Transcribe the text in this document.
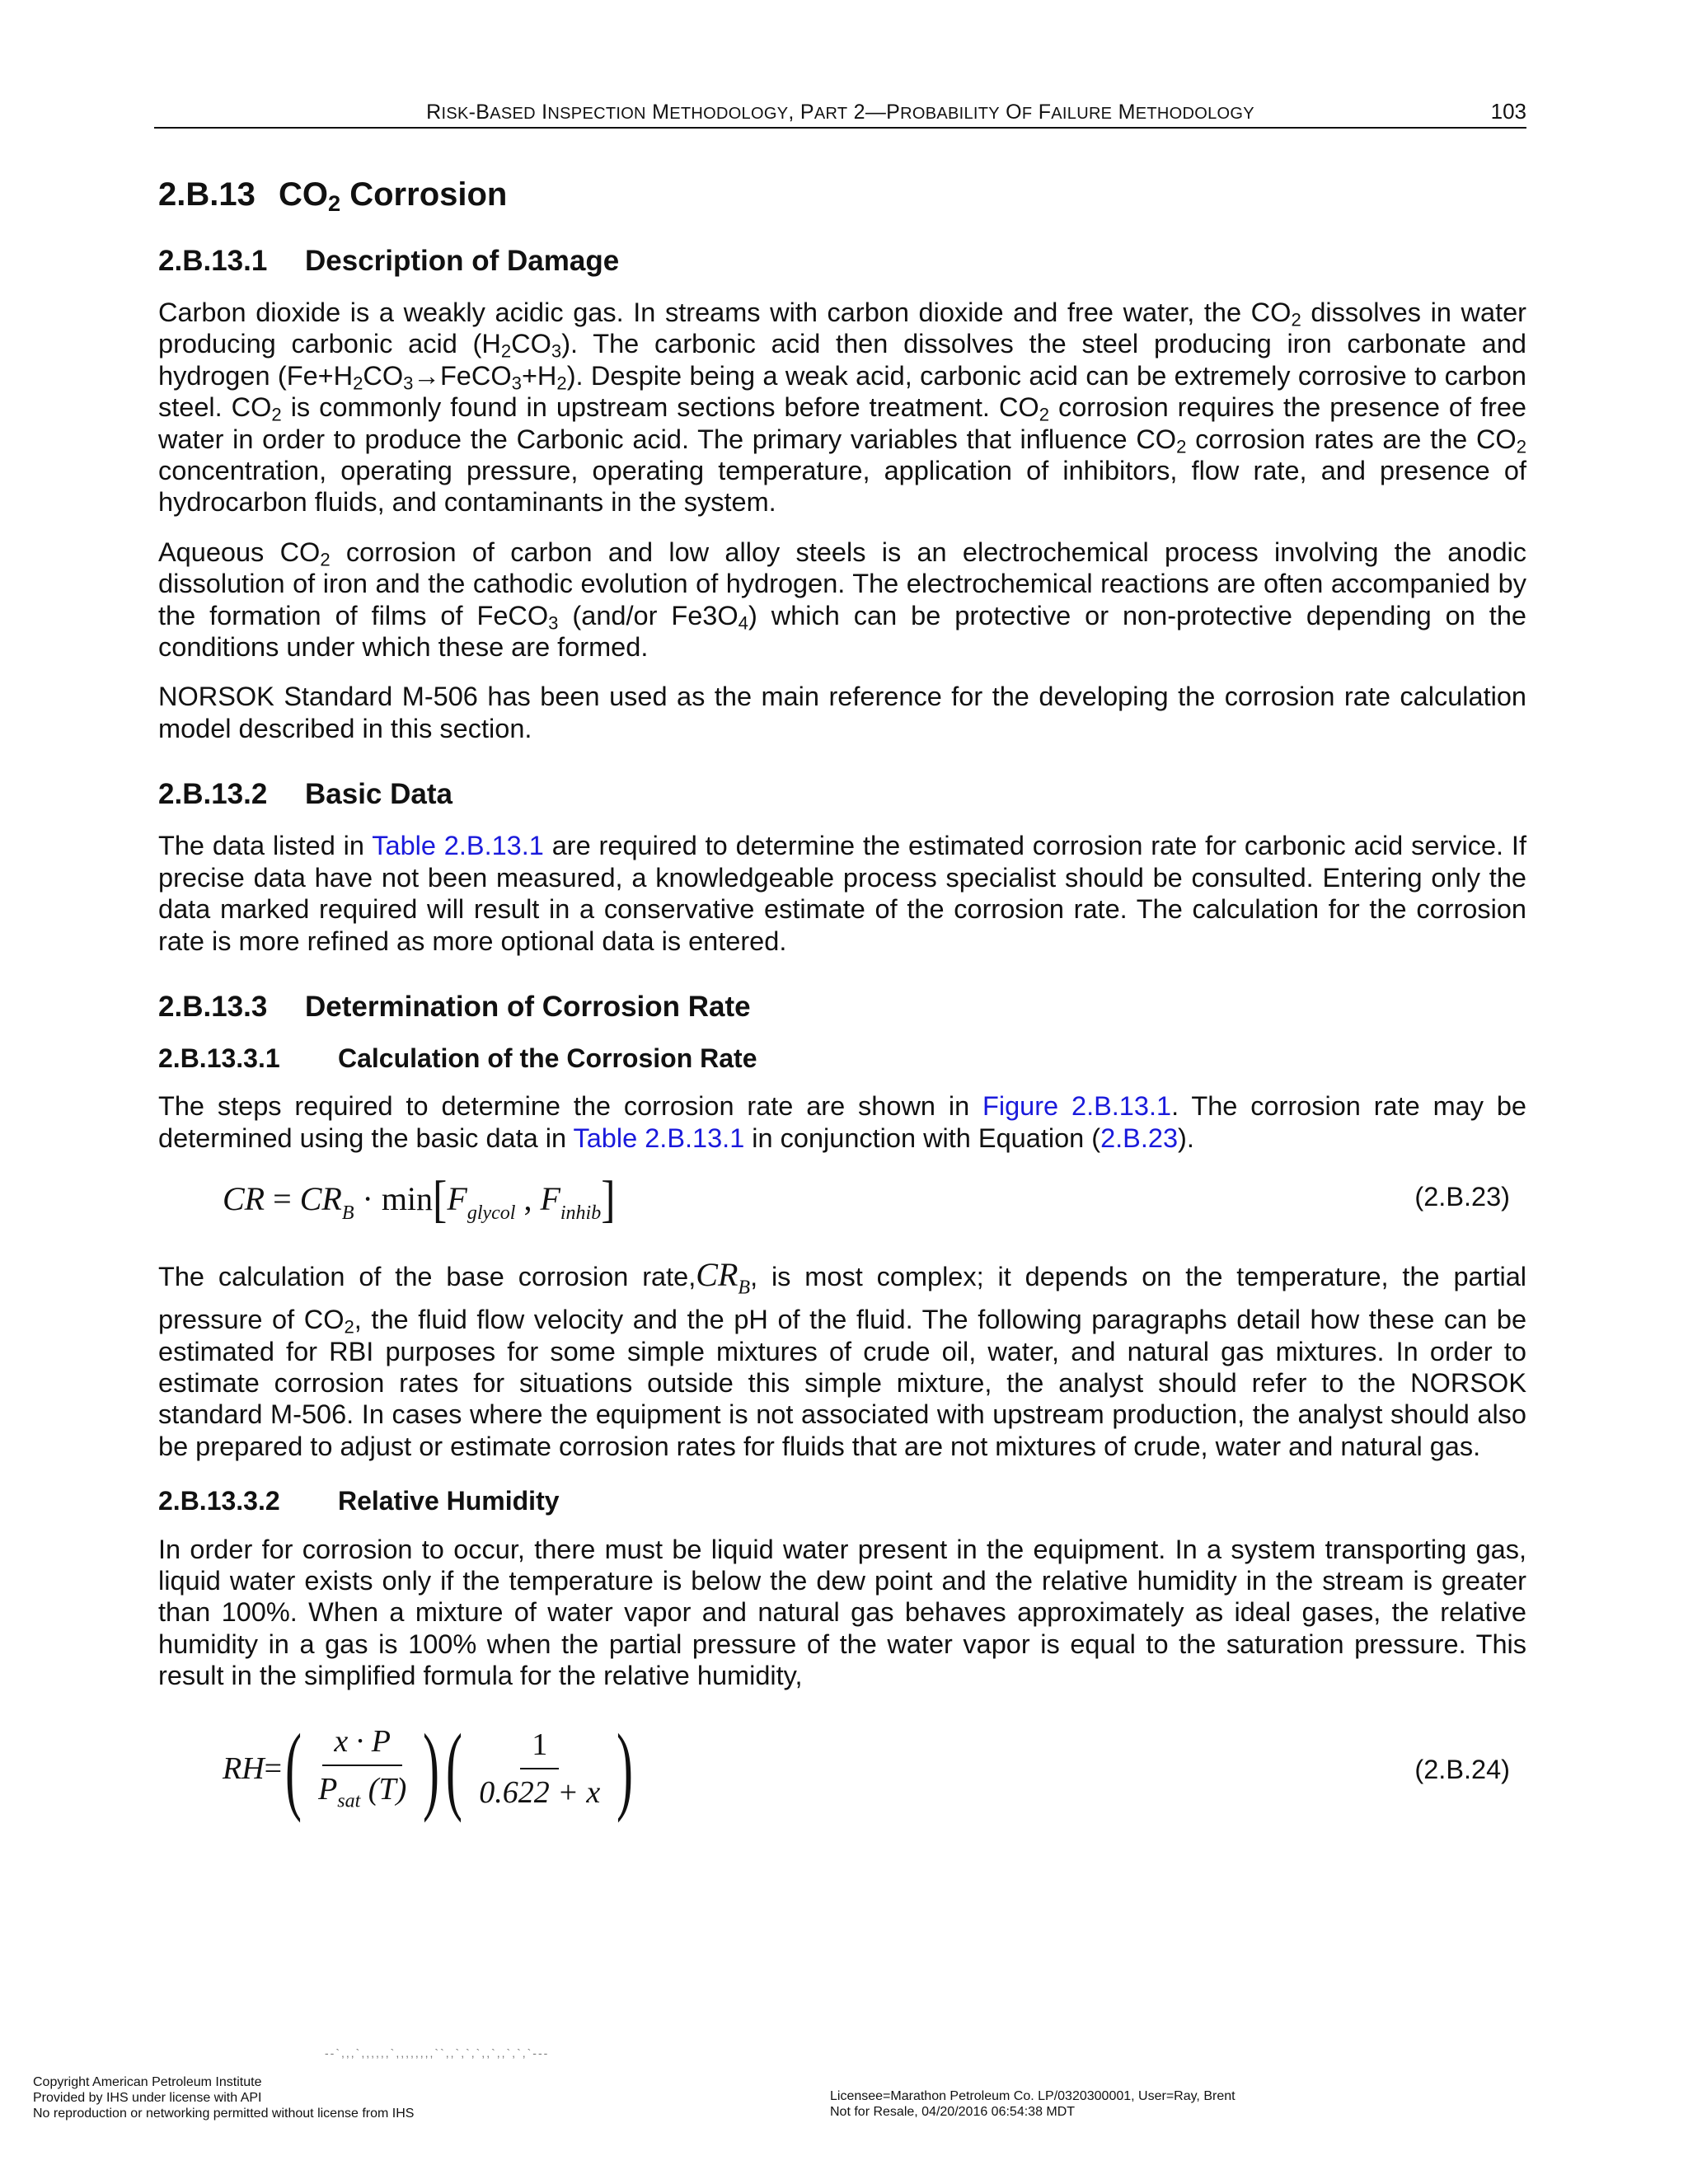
RISK-BASED INSPECTION METHODOLOGY, PART 2—PROBABILITY OF FAILURE METHODOLOGY	103
2.B.13 $CO_2$ Corrosion
2.B.13.1 Description of Damage

Carbon dioxide is a weakly acidic gas. In streams with carbon dioxide and free water, the $CO_2$ dissolves in water producing carbonic acid $(H_2CO_3)$. The carbonic acid then dissolves the steel producing iron carbonate and hydrogen $(Fe+H_2CO_3\to FeCO_3+H_2)$. Despite being a weak acid, carbonic acid can be extremely corrosive to carbon steel. $CO_2$ is commonly found in upstream sections before treatment. $CO_2$ corrosion requires the presence of free water in order to produce the Carbonic acid. The primary variables that influence $CO_2$ corrosion rates are the $CO_2$ concentration, operating pressure, operating temperature, application of inhibitors, flow rate, and presence of hydrocarbon fluids, and contaminants in the system.

Aqueous $CO_2$ corrosion of carbon and low alloy steels is an electrochemical process involving the anodic dissolution of iron and the cathodic evolution of hydrogen. The electrochemical reactions are often accompanied by the formation of films of FeCO$_3$ (and/or $Fe3O_4$) which can be protective or non-protective depending on the conditions under which these are formed.

NORSOK Standard M-506 has been used as the main reference for the developing the corrosion rate calculation model described in this section.

2.B.13.2 Basic Data

The data listed in Table 2.B.13.1 are required to determine the estimated corrosion rate for carbonic acid service. If precise data have not been measured, a knowledgeable process specialist should be consulted. Entering only the data marked required will result in a conservative estimate of the corrosion rate. The calculation for the corrosion rate is more refined as more optional data is entered.

2.B.13.3 Determination of Corrosion Rate
2.B.13.3.1 Calculation of the Corrosion Rate

The steps required to determine the corrosion rate are shown in Figure 2.B.13.1. The corrosion rate may be determined using the basic data in Table 2.B.13.1 in conjunction with Equation (2.B.23).

CR = $CR_B \cdot \min[F_{glycol}$ , $F_{inhib}$]	(2.B.23)

The calculation of the base corrosion $rate,CR_B$, is most complex; it depends on the temperature, the partial pressure of $CO_2$, the fluid flow velocity and the pH of the fluid. The following paragraphs detail how these can be estimated for RBI purposes for some simple mixtures of crude oil, water, and natural gas mixtures. In order to estimate corrosion rates for situations outside this simple mixture, the analyst should refer to the NORSOK standard M-506. In cases where the equipment is not associated with upstream production, the analyst should also be prepared to adjust or estimate corrosion rates for fluids that are not mixtures of crude, water and natural gas.

2.B.13.3.2 Relative Humidity

In order for corrosion to occur, there must be liquid water present in the equipment. In a system transporting gas, liquid water exists only if the temperature is below the dew point and the relative humidity in the stream is greater than 100%. When a mixture of water vapor and natural gas behaves approximately as ideal gases, the relative humidity in a gas is 100% when the partial pressure of the water vapor is equal to the saturation pressure. This result in the simplified formula for the relative humidity,

RH = ( $\frac{x \cdot P}{P_{sat} (T)}$ ) ( $\frac{1}{0.622 + x}$ )	(2.B.24)
--`,,,`,,,,,,`,,,,,,,,``,,`,`,`,,`,,`,`,`---
Copyright American Petroleum Institute
Provided by IHS under license with API
No reproduction or networking permitted without license from IHS
Licensee=Marathon Petroleum Co. LP/0320300001, User=Ray, Brent
Not for Resale, 04/20/2016 06:54:38 MDT
